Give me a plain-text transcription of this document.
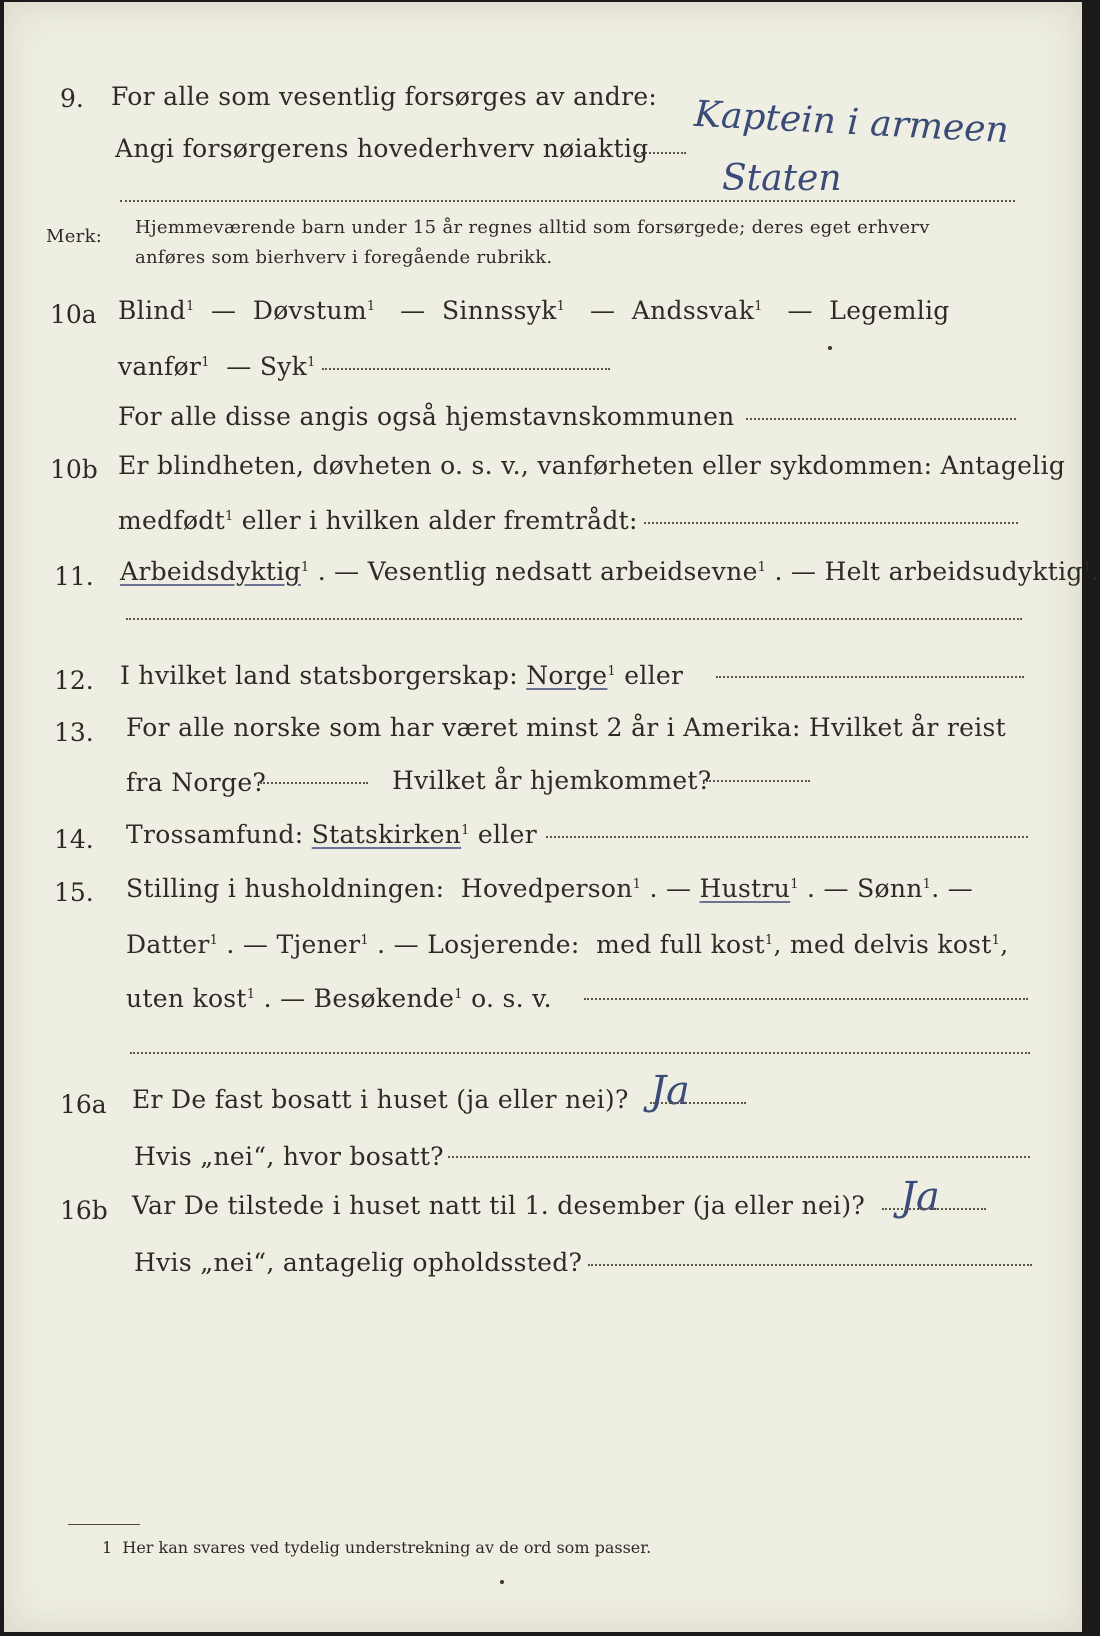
9. For alle som vesentlig forsørges av andre:
Angi forsørgerens hovederhverv nøiaktig Kaptein i armeen
Staten
Merk: Hjemmeværende barn under 15 år regnes alltid som forsørgede; deres eget erhverv
anføres som bierhverv i foregående rubrikk.
10a Blind$^1$  —  Døvstum$^1$   —  Sinnssyk$^1$   —  Andssvak$^1$   —  Legemlig
vanfør$^1$  — Syk$^1$
For alle disse angis også hjemstavnskommunen
10b Er blindheten, døvheten o. s. v., vanførheten eller sykdommen: Antagelig
medfødt$^1$ eller i hvilken alder fremtrådt:
11. Arbeidsdyktig$^1$ . — Vesentlig nedsatt arbeidsevne$^1$ . — Helt arbeidsudyktig$^1$.
12. I hvilket land statsborgerskap: Norge$^1$ eller
13. For alle norske som har været minst 2 år i Amerika: Hvilket år reist
fra Norge?	Hvilket år hjemkommet?
14. Trossamfund: Statskirken$^1$ eller
15. Stilling i husholdningen: Hovedperson$^1$ . — Hustru$^1$ . — Sønn$^1$. —
Datter$^1$ . — Tjener$^1$ . — Losjerende: med full kost$^1$, med delvis kost$^1$,
uten kost$^1$ . — Besøkende$^1$ o. s. v.
16a Er De fast bosatt i huset (ja eller nei)? Ja
Hvis „nei“, hvor bosatt?
16b Var De tilstede i huset natt til 1. desember (ja eller nei)? Ja
Hvis „nei“, antagelig opholdssted?
1 Her kan svares ved tydelig understrekning av de ord som passer.
